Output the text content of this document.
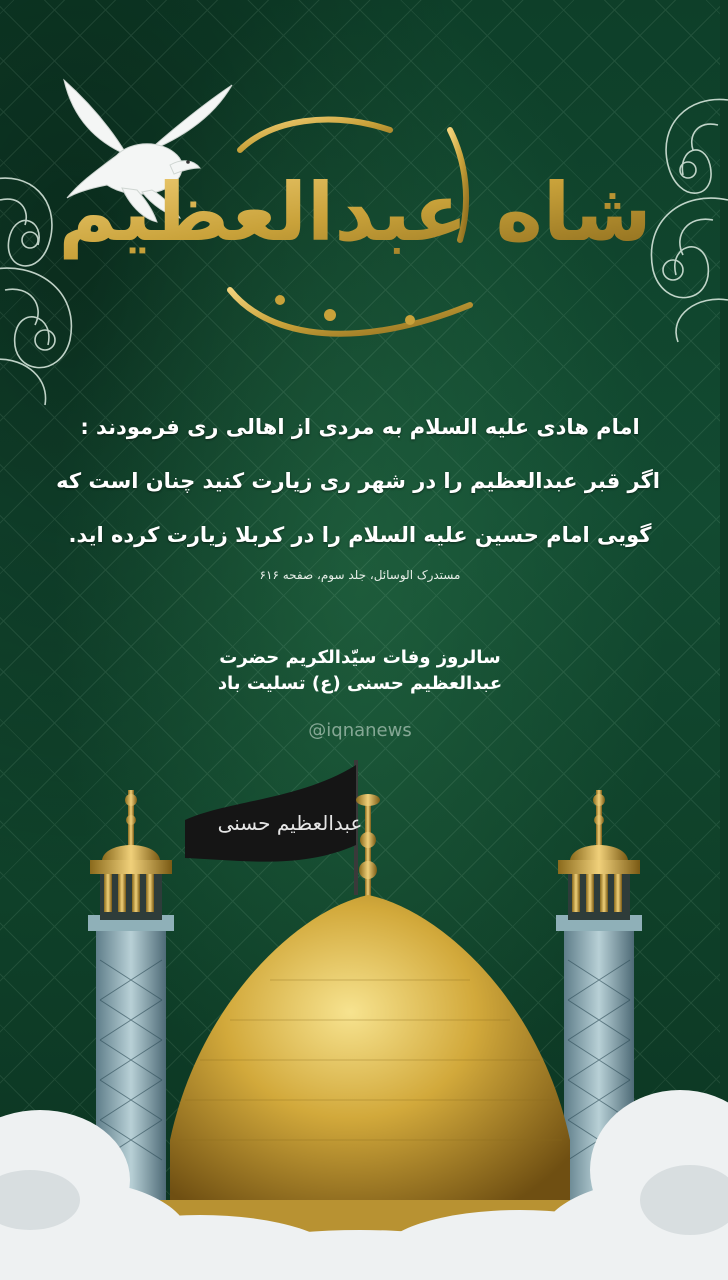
شاه عبدالعظیم
امام هادی علیه السلام به مردی از اهالی ری فرمودند :
اگر قبر عبدالعظیم را در شهر ری زیارت کنید چنان است که
گویی امام حسین علیه السلام را در کربلا زیارت کرده اید.
مستدرک الوسائل، جلد سوم، صفحه ۶۱۶
سالروز وفات سیّدالکریم حضرت
عبدالعظیم حسنی (ع) تسلیت باد
@iqnanews
عبدالعظیم حسنی
